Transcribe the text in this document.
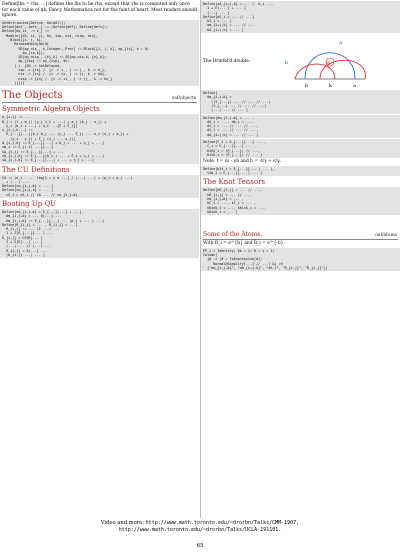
Define[lhs = rhs, ...] defines the lhs to be rhs, except that rhs is computed only once for each value of $k. Fancy Mathematica not for the faint of heart. Most readers should ignore.
SetAttributes[Define, HoldAll];
Define[def_, defs__] := (Define[def]; Define[defs]);
Define[op_is_ -> ϵ_] :=
Module[{SD, ii, jj, kk, isp, nis, nisp, sis},
Block[{i, j, k},
ReleaseHold[Hold[
SD[op_nis_, k_Integer, Prec] := Block[{i, j, k}, op_{is}, k = Θ;
op_{is,k}];
SD[op_nisp_, {ϵ}_k] := SD[op_nis,k, {ϵ}_k];
op_{isp} := op_{isp}, $k;
] /. {SD -> SetDelayed,
isp -> {is} /. {i -> i_, j -> j_, k -> k_},
nis -> {is} /. {i -> ii, j -> jj, k -> kk},
nisp -> {is} /. {i -> ii_, j -> jj_, k -> kk_}
}]]]]
The Objects	oaf/objects
Symmetric Algebra Objects
σ_{i→j} := ...
B_j = (1 + σ_j) (y_j ∂_t + ...) + a_j (b_j - a_j) +
y_i (b_i + ...) + η_i ...{ξ + ξ_j}]
Λ_{i,j,k...} :=
E_{...}[...][b_i b_j ... (y_j ... ξ_j) ... a_i (x_j + a_j) +
(y_i - y_j) + ξ_j (x_j ... x_j)]
Δ_{i,j,k} := E_{...}[...] + b_j + ... + η_j + ...]
sm_i := E_{(-1) ...}[...]
sΔ_{i,j} := E_{...}[...] + ...
sm_{i,j,k} := E_{...}[b_i + ... + ξ_i + η_j + ...]
sΔ_{i,j,k} := E_{...}[...] + ... + η_j + ...]
The CU Definitions
CA := (e_i - ... Log[1 + γ e ...] / (...) ...) + (p_i + p_j ...)
+ (...) ...
Define[cm_{i,j→k} = ... ]
Define[cm_{i→j,k} = ... ]
cS_i = cS_i // cΔ ... // cm_{i,j→k}
Booting Up QU
Define[am_{i,j→k} = E_{...}[...] + ...],
bm_{i,j→k} = ... E[...] ...
bm_{i,j→k} := E_{...}[...] ... (p_j + ... ) ...]
Define[R_{i,j} = ... , R̄_{i,j} = ...]
R_{i,j} := ... (Σ ...) ...
1 + Σ[E_{...}[... ] ...
R̄_{i,j} = CF@E[... ]
1 + Σ[E[...] ... ]
(...) ... // (...) ...
R_{i,j} = E[...] ...
(b_{i,j} ...) ... ]
Define[aΔ_{i→j,k} = ... /. b_i ...,
1 + E[... ] + ... ]
{...} ... ]
Define[bS_i = ... // ...]
bS_i = ... ]
am_{i→j,k} = ... // ...
bΔ_{i→j,k} = ... ]
The Drinfel'd double:
a
b	B
b	k	a
Define[
dm_{i,j→k} =
((Y_{...}) ... // ... // ...)
(Y_{...} ... // ... // ...)
(...) ... // ... ]
Define[dm_{i,j→k} = ... ,
dA_i = ..., dA_i = ...,
dS_i = ... // ... // ...,
dS_i = ... // ... // ...,
dΔ_{i→j,k} = ... // ... ]
Define[C_i = E_{...}[...] ... ,
C̄_i = E_{...}[...] ... ,
Kink_i = (R_{...}) // ...,
Kink̄_i = (R̄_{...}) // ... ]
Note. t = εs - γb and b = -t/γ + ε/γ.
Define[b2t_i = E_{...}[... ] ... ],
t2b_i = E_{...}[... ] ... ]
The Knot Tensors
Define[kR_{i,j} = ... // ...,
kR̄_{i,j} = ... // ...,
km_{i,j→k} = ... ,
kC_i = ..., kC̄_i = ... ,
kKink_i = ..., kKink̄_i = ...,
kKink̄_i = ... ]
Some of the Atoms.	oaf/atoms
With R_i = e^{b} and R̄_i = e^{-b}.
PP_i = Identity; $k = 1; R = γ = 1;
Column[
{# -> (# = ToExpression[#];
Normal@Simplify[...] // ...) &} /@
{"dm_{i,j→k}", "dΔ_{i→j,k}", "dS_i", "R_{i,j}", "R̄_{i,j}"}]
Video and more: http://www.math.toronto.edu/~drorbn/Talks/CMM-1907,
http://www.math.toronto.edu/~drorbn/Talks/UCLA-191101.
65
